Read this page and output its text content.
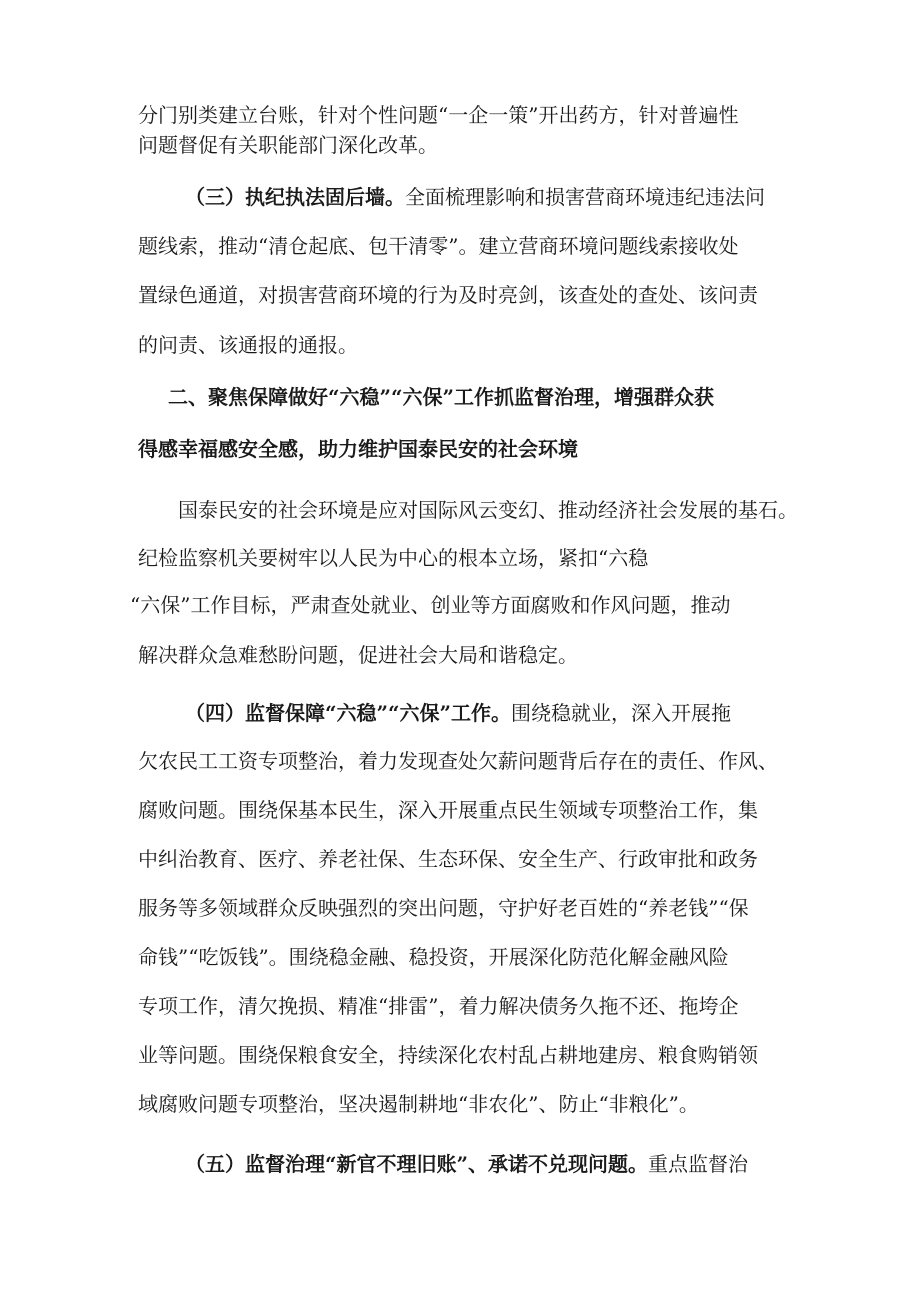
分门别类建立台账，针对个性问题“一企一策”开出药方，针对普遍性
问题督促有关职能部门深化改革。
（三）执纪执法固后墙。全面梳理影响和损害营商环境违纪违法问
题线索，推动“清仓起底、包干清零”。建立营商环境问题线索接收处
置绿色通道，对损害营商环境的行为及时亮剑，该查处的查处、该问责
的问责、该通报的通报。
二、聚焦保障做好“六稳”“六保”工作抓监督治理，增强群众获
得感幸福感安全感，助力维护国泰民安的社会环境
国泰民安的社会环境是应对国际风云变幻、推动经济社会发展的基石。
纪检监察机关要树牢以人民为中心的根本立场，紧扣“六稳
“六保”工作目标，严肃查处就业、创业等方面腐败和作风问题，推动
解决群众急难愁盼问题，促进社会大局和谐稳定。
（四）监督保障“六稳”“六保”工作。围绕稳就业，深入开展拖
欠农民工工资专项整治，着力发现查处欠薪问题背后存在的责任、作风、
腐败问题。围绕保基本民生，深入开展重点民生领域专项整治工作，集
中纠治教育、医疗、养老社保、生态环保、安全生产、行政审批和政务
服务等多领域群众反映强烈的突出问题，守护好老百姓的“养老钱”“保
命钱”“吃饭钱”。围绕稳金融、稳投资，开展深化防范化解金融风险
专项工作，清欠挽损、精准“排雷”，着力解决债务久拖不还、拖垮企
业等问题。围绕保粮食安全，持续深化农村乱占耕地建房、粮食购销领
域腐败问题专项整治，坚决遏制耕地“非农化”、防止“非粮化”。
（五）监督治理“新官不理旧账”、承诺不兑现问题。重点监督治
